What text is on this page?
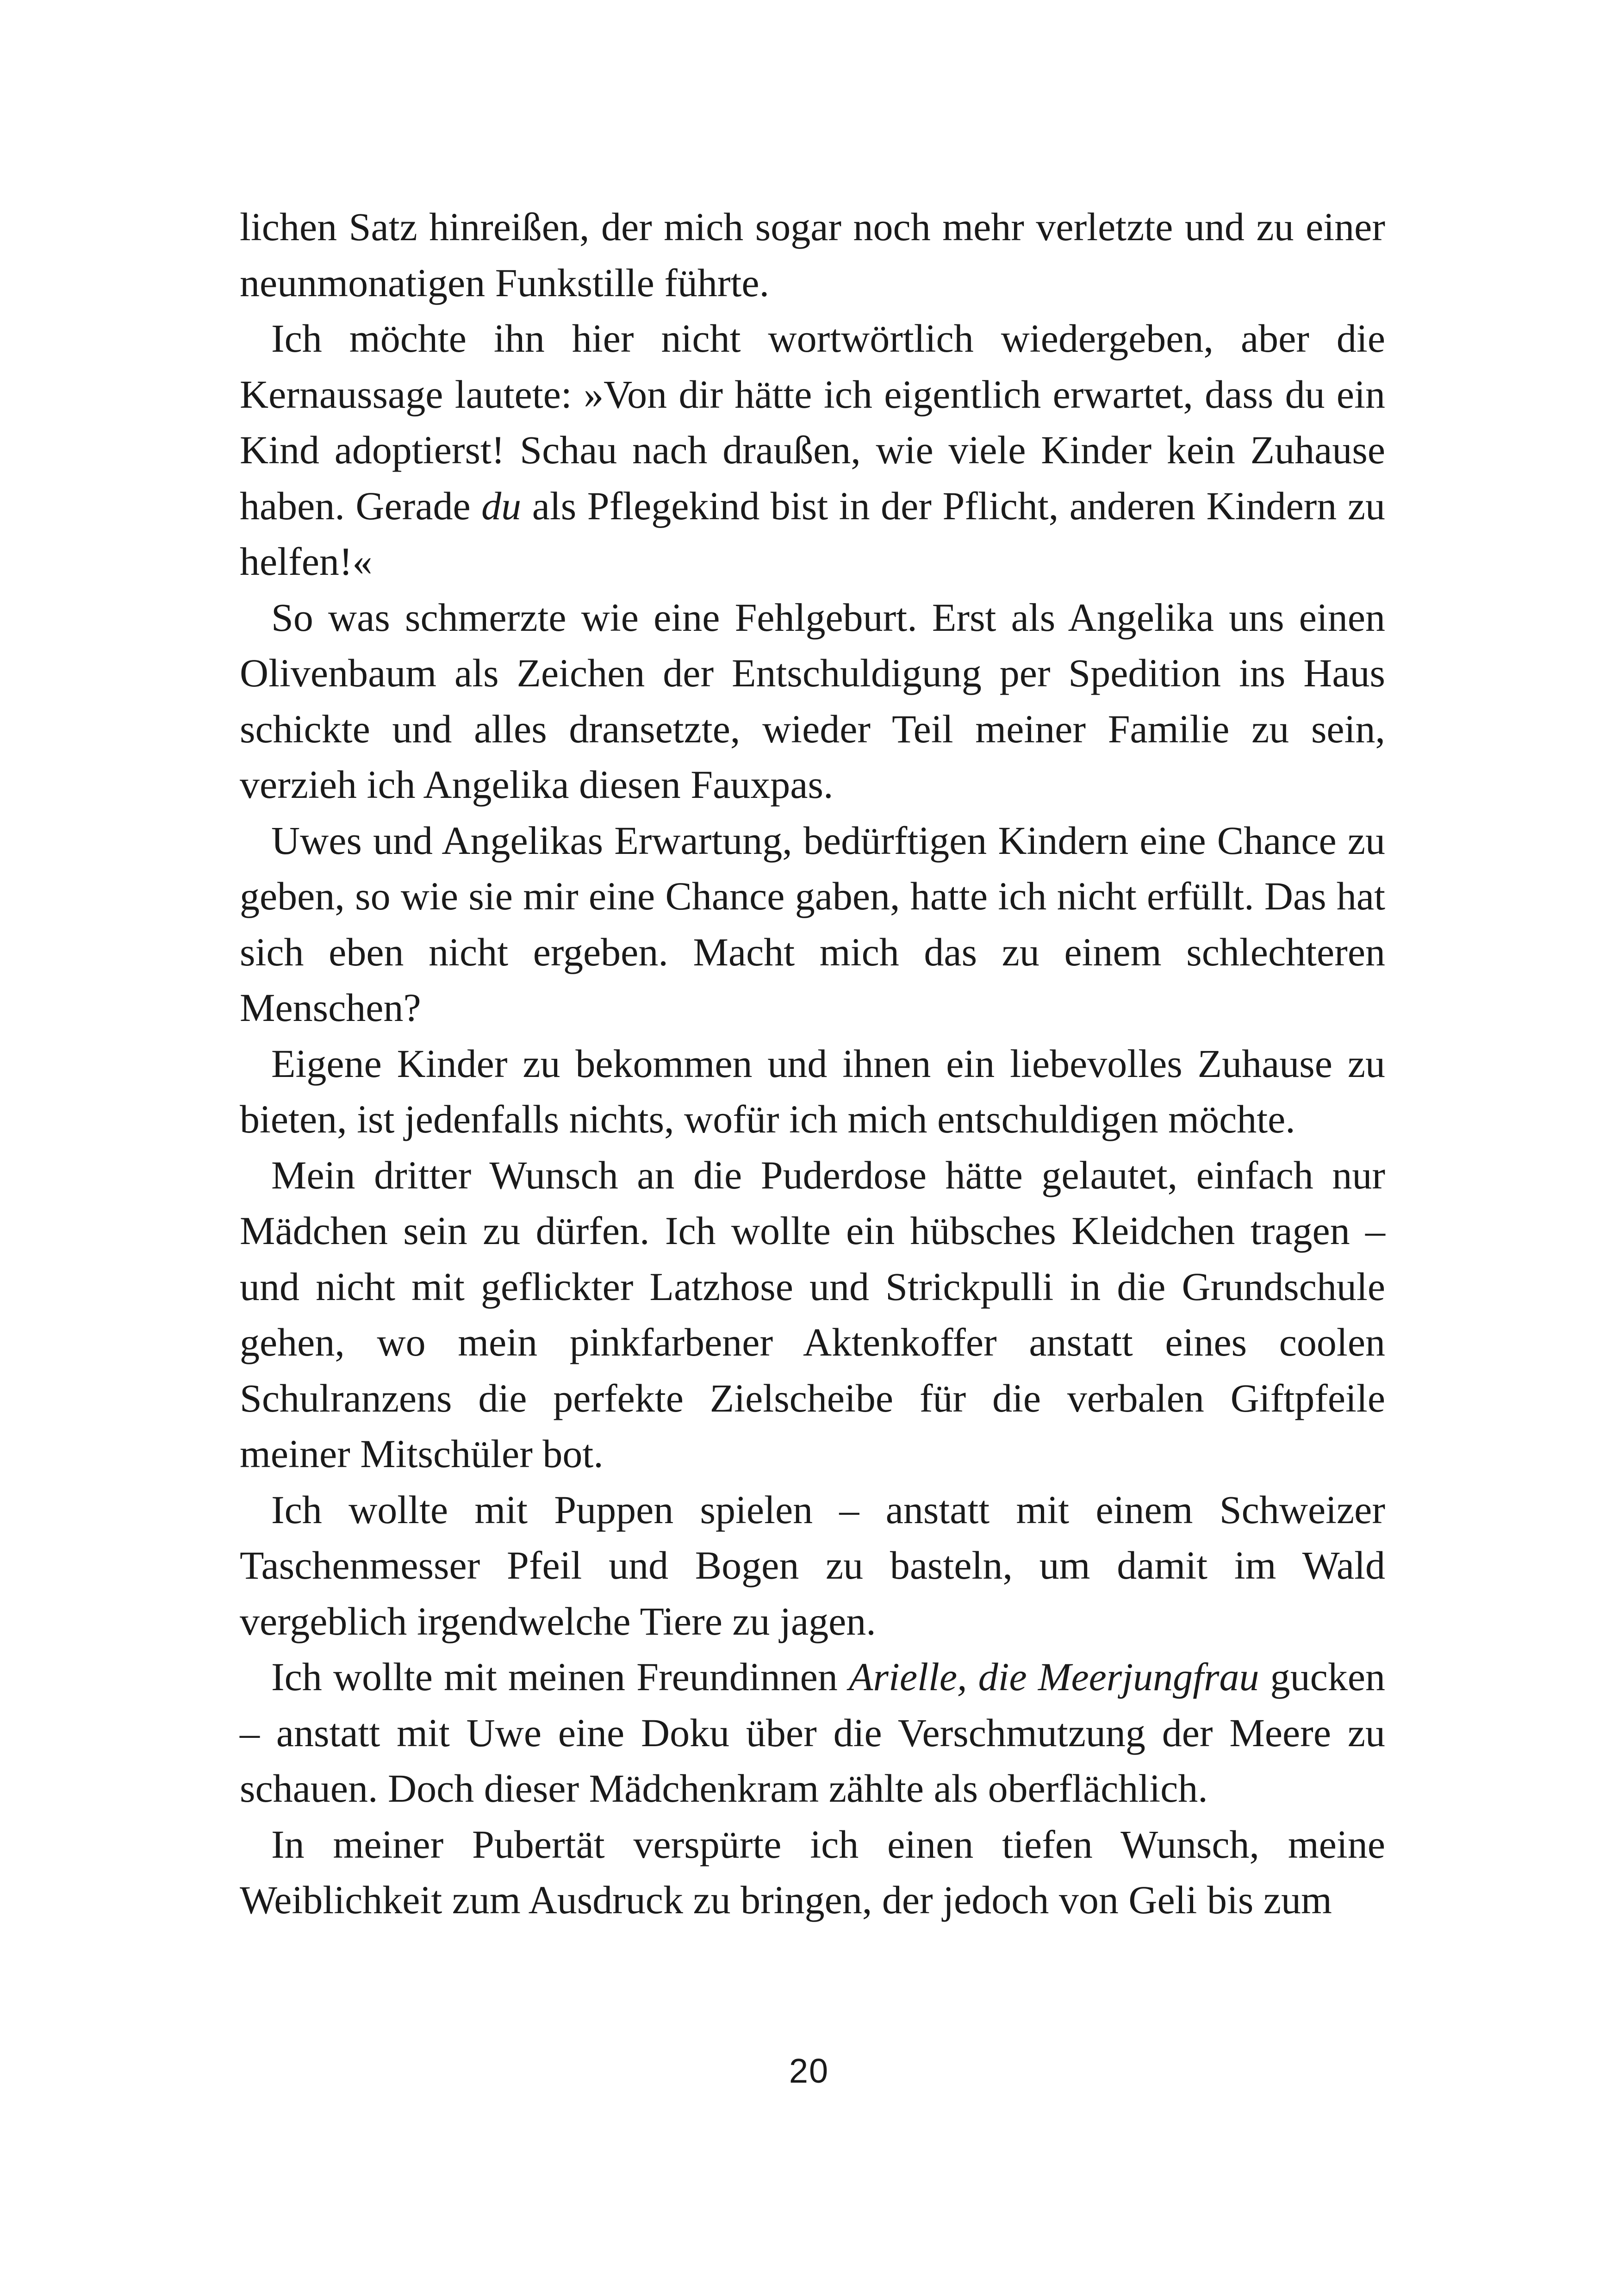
lichen Satz hinreißen, der mich sogar noch mehr verletzte und zu einer neunmonatigen Funkstille führte.

Ich möchte ihn hier nicht wortwörtlich wiedergeben, aber die Kernaussage lautete: »Von dir hätte ich eigentlich erwartet, dass du ein Kind adoptierst! Schau nach draußen, wie viele Kinder kein Zuhause haben. Gerade du als Pflegekind bist in der Pflicht, anderen Kindern zu helfen!«

So was schmerzte wie eine Fehlgeburt. Erst als Angelika uns einen Olivenbaum als Zeichen der Entschuldigung per Spedition ins Haus schickte und alles dransetzte, wieder Teil meiner Familie zu sein, verzieh ich Angelika diesen Fauxpas.

Uwes und Angelikas Erwartung, bedürftigen Kindern eine Chance zu geben, so wie sie mir eine Chance gaben, hatte ich nicht erfüllt. Das hat sich eben nicht ergeben. Macht mich das zu einem schlechteren Menschen?

Eigene Kinder zu bekommen und ihnen ein liebevolles Zuhause zu bieten, ist jedenfalls nichts, wofür ich mich entschuldigen möchte.

Mein dritter Wunsch an die Puderdose hätte gelautet, einfach nur Mädchen sein zu dürfen. Ich wollte ein hübsches Kleidchen tragen – und nicht mit geflickter Latzhose und Strickpulli in die Grundschule gehen, wo mein pinkfarbener Aktenkoffer anstatt eines coolen Schulranzens die perfekte Zielscheibe für die verbalen Giftpfeile meiner Mitschüler bot.

Ich wollte mit Puppen spielen – anstatt mit einem Schweizer Taschenmesser Pfeil und Bogen zu basteln, um damit im Wald vergeblich irgendwelche Tiere zu jagen.

Ich wollte mit meinen Freundinnen Arielle, die Meerjungfrau gucken – anstatt mit Uwe eine Doku über die Verschmutzung der Meere zu schauen. Doch dieser Mädchenkram zählte als oberflächlich.

In meiner Pubertät verspürte ich einen tiefen Wunsch, meine Weiblichkeit zum Ausdruck zu bringen, der jedoch von Geli bis zum

20
